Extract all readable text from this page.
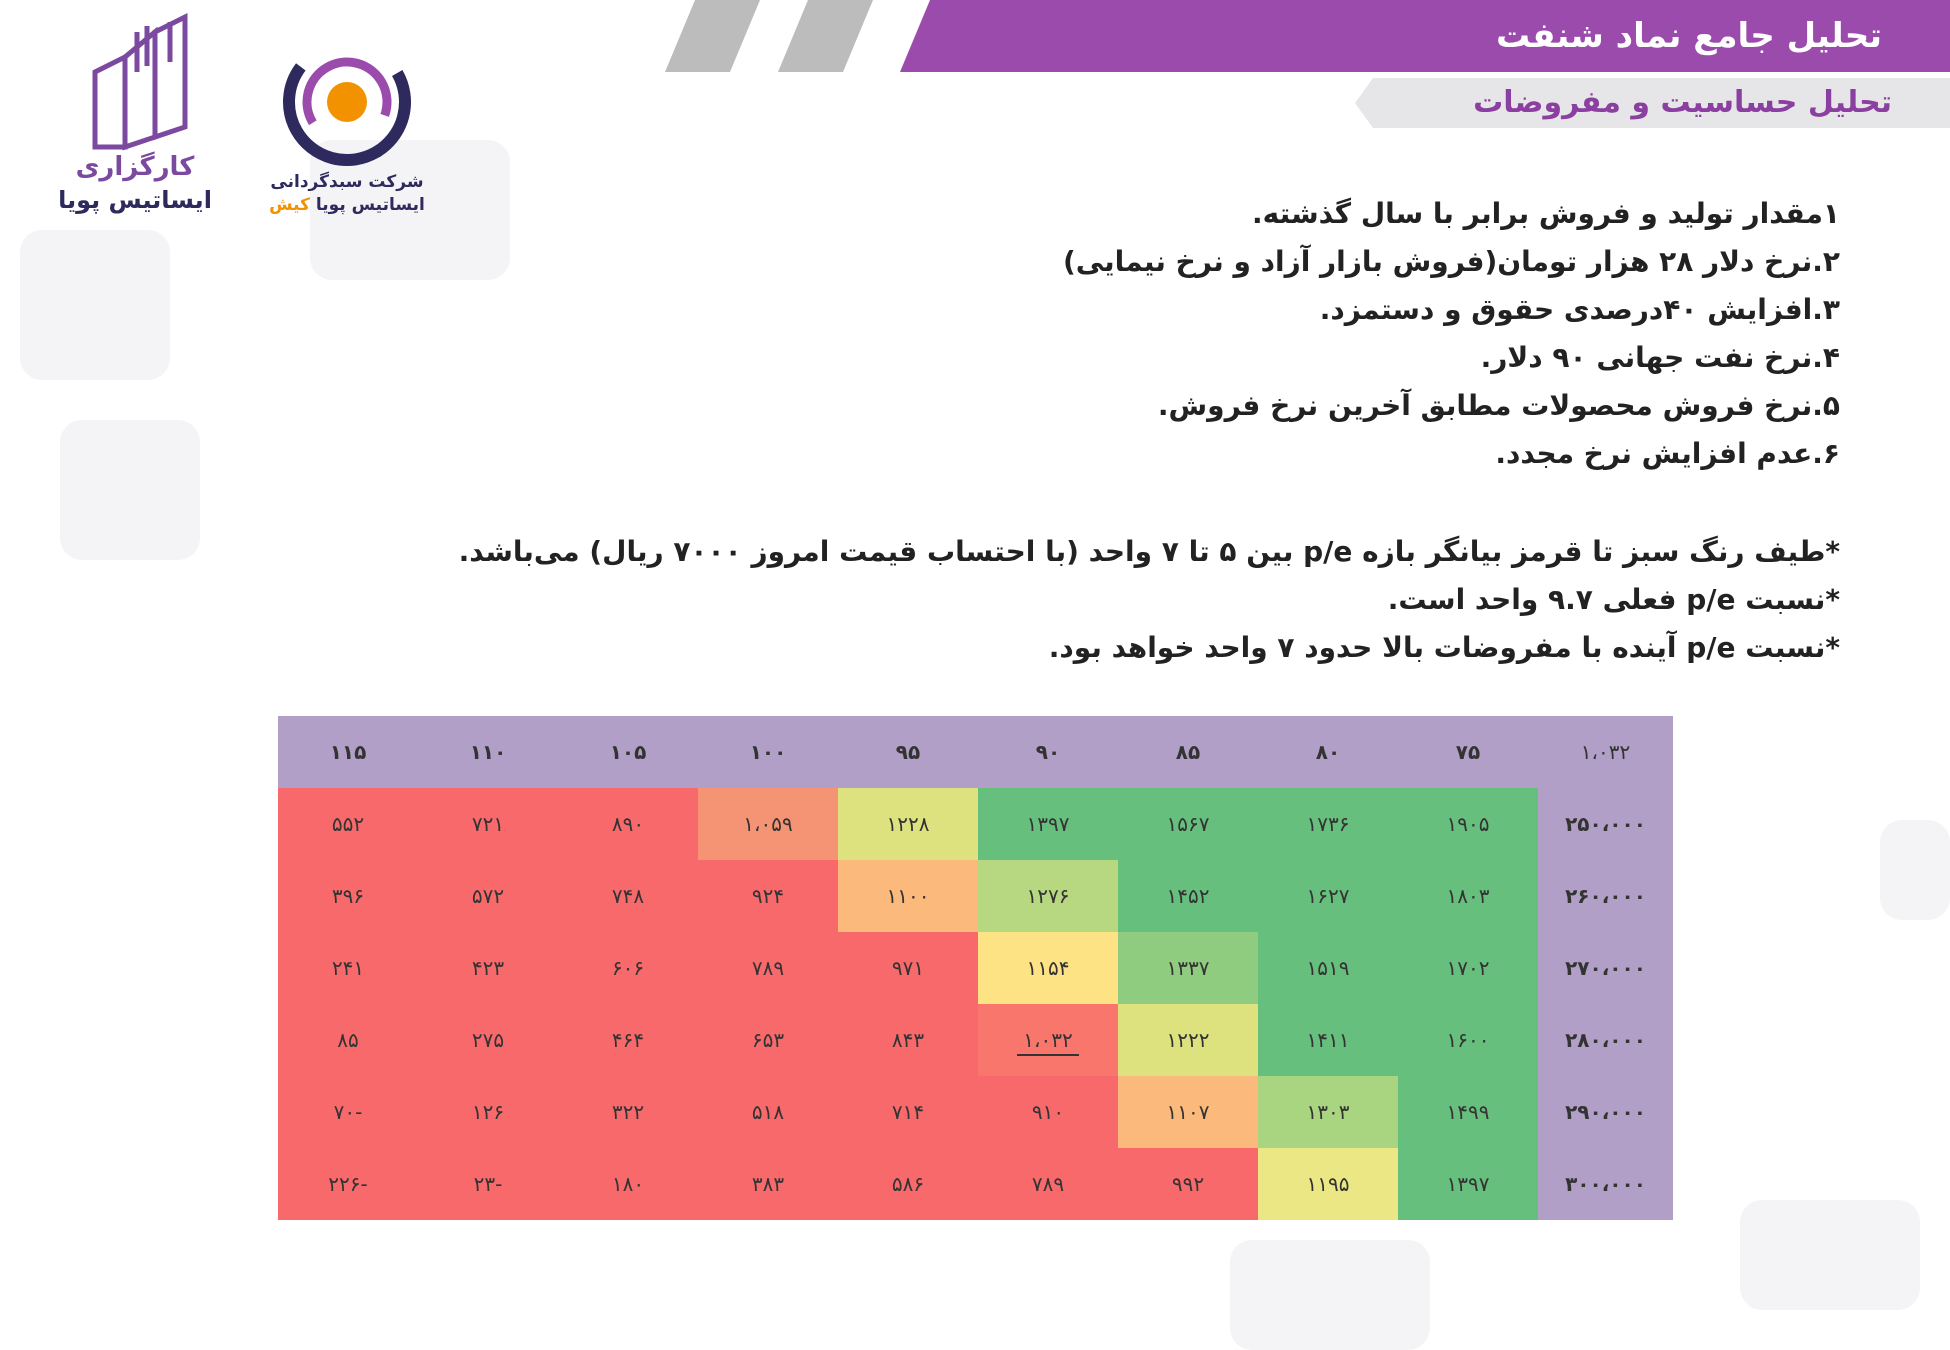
تحلیل جامع نماد شنفت
تحلیل حساسیت و مفروضات
کارگزاری
ایساتیس پویا
شرکت سبدگردانی
ایساتیس پویا کیش	۱مقدار تولید و فروش برابر با سال گذشته.
۲.نرخ دلار ۲۸ هزار تومان(فروش بازار آزاد و نرخ نیمایی)
۳.افزایش ۴۰درصدی حقوق و دستمزد.
۴.نرخ نفت جهانی ۹۰ دلار.
۵.نرخ فروش محصولات مطابق آخرین نرخ فروش.
۶.عدم افزایش نرخ مجدد.
*طیف رنگ سبز تا قرمز بیانگر بازه p/e بین ۵ تا ۷ واحد (با احتساب قیمت امروز ۷۰۰۰ ریال) می‌باشد.
*نسبت p/e فعلی ۹.۷ واحد است.
*نسبت p/e آینده با مفروضات بالا حدود ۷ واحد خواهد بود.
۱،۰۳۲	۷۵	۸۰	۸۵	۹۰	۹۵	۱۰۰	۱۰۵	۱۱۰	۱۱۵
۲۵۰،۰۰۰	۱۹۰۵	۱۷۳۶	۱۵۶۷	۱۳۹۷	۱۲۲۸	۱،۰۵۹	۸۹۰	۷۲۱	۵۵۲
۲۶۰،۰۰۰	۱۸۰۳	۱۶۲۷	۱۴۵۲	۱۲۷۶	۱۱۰۰	۹۲۴	۷۴۸	۵۷۲	۳۹۶
۲۷۰،۰۰۰	۱۷۰۲	۱۵۱۹	۱۳۳۷	۱۱۵۴	۹۷۱	۷۸۹	۶۰۶	۴۲۳	۲۴۱
۲۸۰،۰۰۰	۱۶۰۰	۱۴۱۱	۱۲۲۲	۱،۰۳۲	۸۴۳	۶۵۳	۴۶۴	۲۷۵	۸۵
۲۹۰،۰۰۰	۱۴۹۹	۱۳۰۳	۱۱۰۷	۹۱۰	۷۱۴	۵۱۸	۳۲۲	۱۲۶	-۷۰
۳۰۰،۰۰۰	۱۳۹۷	۱۱۹۵	۹۹۲	۷۸۹	۵۸۶	۳۸۳	۱۸۰	-۲۳	-۲۲۶
